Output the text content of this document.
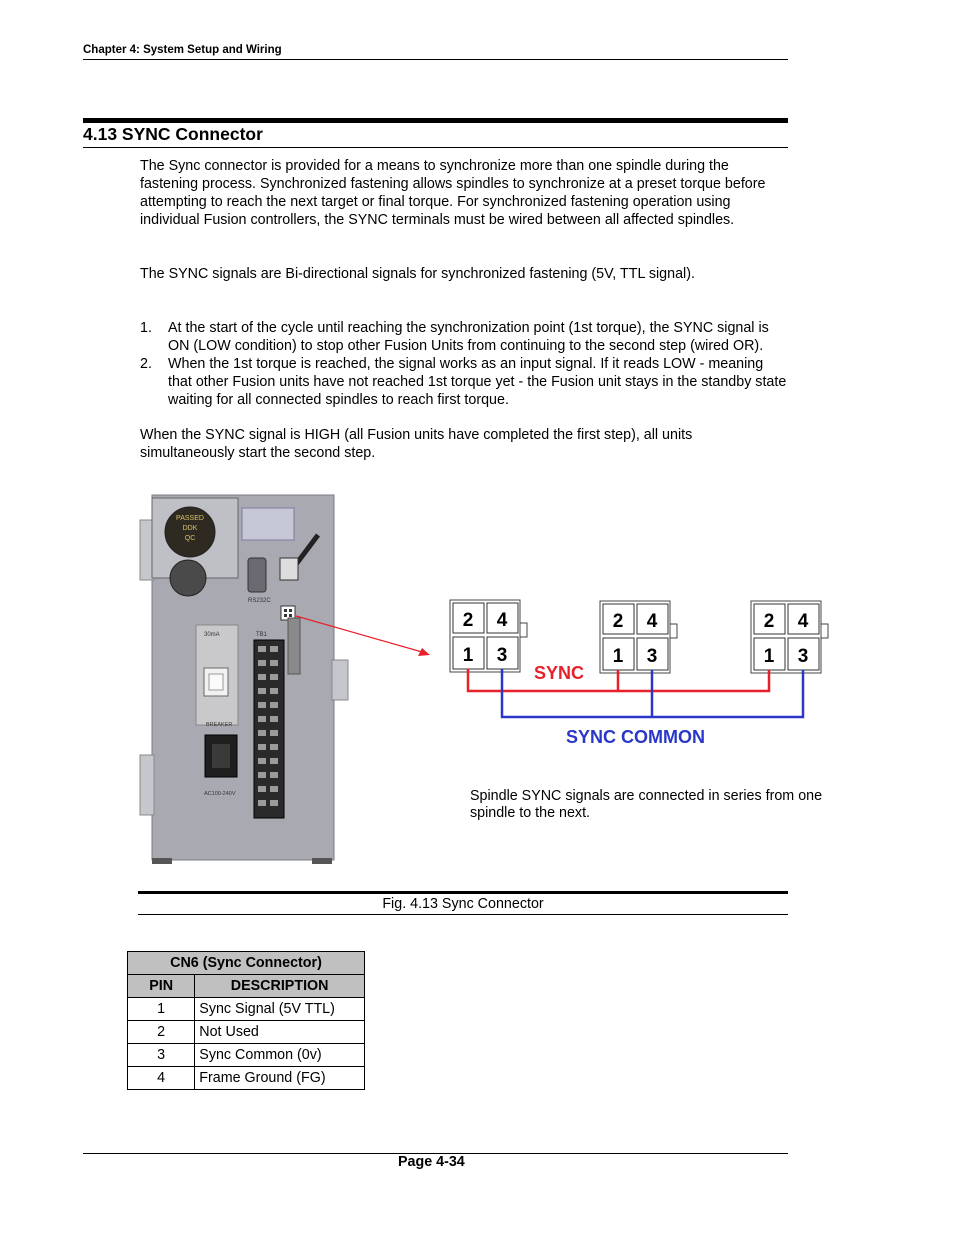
Chapter 4: System Setup and Wiring
4.13 SYNC Connector
The Sync connector is provided for a means to synchronize more than one spindle during the fastening process. Synchronized fastening allows spindles to synchronize at a preset torque before attempting to reach the next target or final torque. For synchronized fastening operation using individual Fusion controllers, the SYNC terminals must be wired between all affected spindles.
The SYNC signals are Bi-directional signals for synchronized fastening (5V, TTL signal).
1. At the start of the cycle until reaching the synchronization point (1st torque), the SYNC signal is ON (LOW condition) to stop other Fusion Units from continuing to the second step (wired OR).
2. When the 1st torque is reached, the signal works as an input signal. If it reads LOW - meaning that other Fusion units have not reached 1st torque yet - the Fusion unit stays in the standby state waiting for all connected spindles to reach first torque.
When the SYNC signal is HIGH (all Fusion units have completed the first step), all units simultaneously start the second step.
PASSED
DDK
QC
RS232C
30mA
BREAKER
AC100-240V
TB1
2 4
1 3
2 4
1 3
2 4
1 3
SYNC
SYNC COMMON
Spindle SYNC signals are connected in series from one spindle to the next.
Fig. 4.13 Sync Connector
CN6 (Sync Connector)	
PIN	DESCRIPTION
1	Sync Signal (5V TTL)
2	Not Used
3	Sync Common (0v)
4	Frame Ground (FG)
Page 4-34
